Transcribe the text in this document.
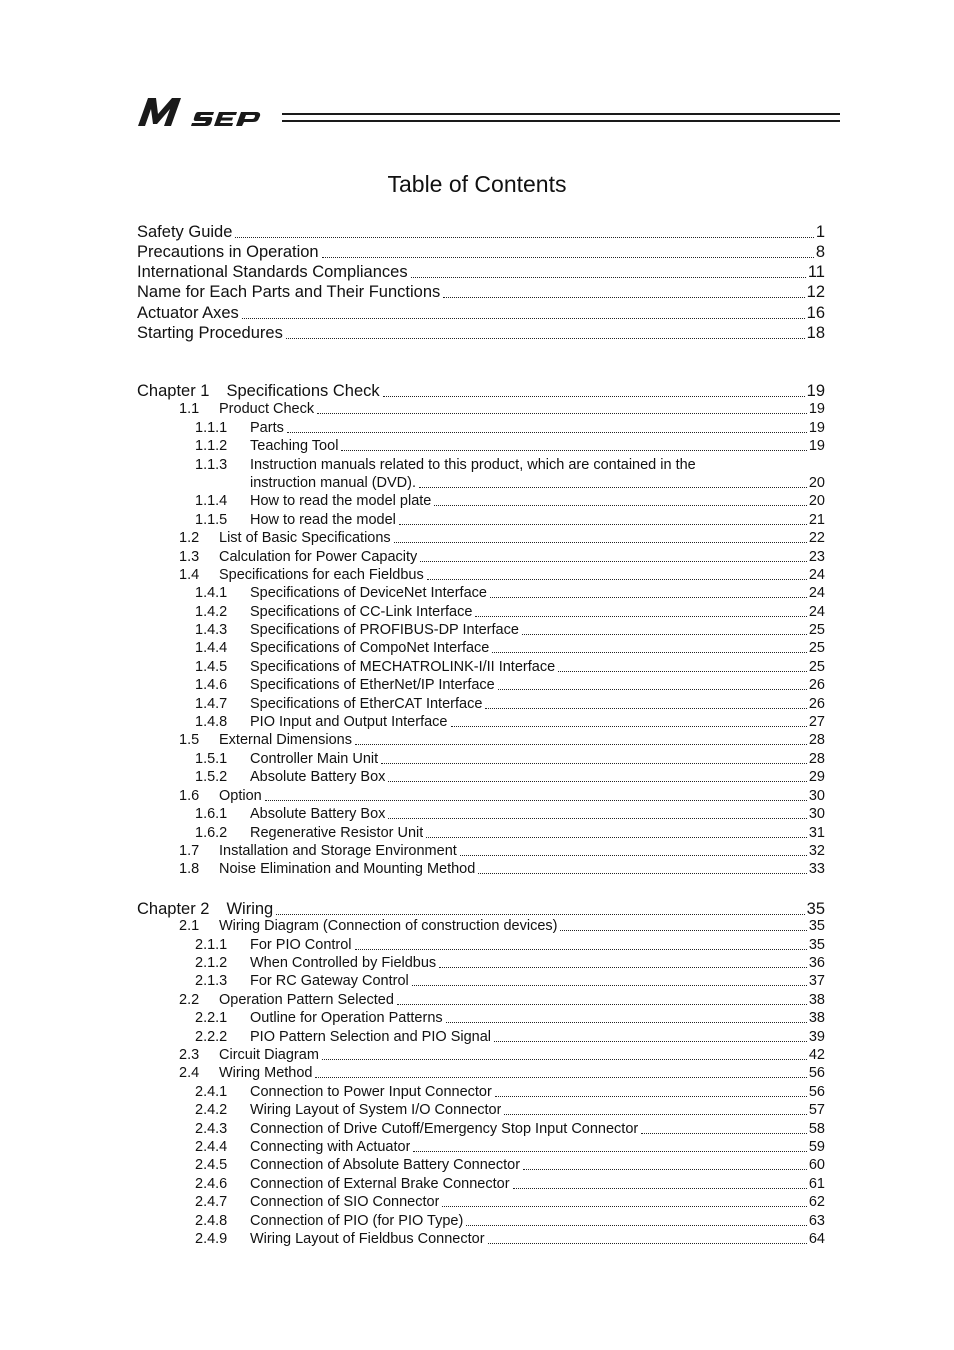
Table of Contents
Safety Guide	1
Precautions in Operation	8
International Standards Compliances	11
Name for Each Parts and Their Functions	12
Actuator Axes	16
Starting Procedures	18
Chapter 1 Specifications Check	19
1.1	Product Check	19
1.1.1	Parts	19
1.1.2	Teaching Tool	19
1.1.3	Instruction manuals related to this product, which are contained in the
instruction manual (DVD).	20
1.1.4	How to read the model plate	20
1.1.5	How to read the model	21
1.2	List of Basic Specifications	22
1.3	Calculation for Power Capacity	23
1.4	Specifications for each Fieldbus	24
1.4.1	Specifications of DeviceNet Interface	24
1.4.2	Specifications of CC-Link Interface	24
1.4.3	Specifications of PROFIBUS-DP Interface	25
1.4.4	Specifications of CompoNet Interface	25
1.4.5	Specifications of MECHATROLINK-I/II Interface	25
1.4.6	Specifications of EtherNet/IP Interface	26
1.4.7	Specifications of EtherCAT Interface	26
1.4.8	PIO Input and Output Interface	27
1.5	External Dimensions	28
1.5.1	Controller Main Unit	28
1.5.2	Absolute Battery Box	29
1.6	Option	30
1.6.1	Absolute Battery Box	30
1.6.2	Regenerative Resistor Unit	31
1.7	Installation and Storage Environment	32
1.8	Noise Elimination and Mounting Method	33
Chapter 2 Wiring	35
2.1	Wiring Diagram (Connection of construction devices)	35
2.1.1	For PIO Control	35
2.1.2	When Controlled by Fieldbus	36
2.1.3	For RC Gateway Control	37
2.2	Operation Pattern Selected	38
2.2.1	Outline for Operation Patterns	38
2.2.2	PIO Pattern Selection and PIO Signal	39
2.3	Circuit Diagram	42
2.4	Wiring Method	56
2.4.1	Connection to Power Input Connector	56
2.4.2	Wiring Layout of System I/O Connector	57
2.4.3	Connection of Drive Cutoff/Emergency Stop Input Connector	58
2.4.4	Connecting with Actuator	59
2.4.5	Connection of Absolute Battery Connector	60
2.4.6	Connection of External Brake Connector	61
2.4.7	Connection of SIO Connector	62
2.4.8	Connection of PIO (for PIO Type)	63
2.4.9	Wiring Layout of Fieldbus Connector	64
